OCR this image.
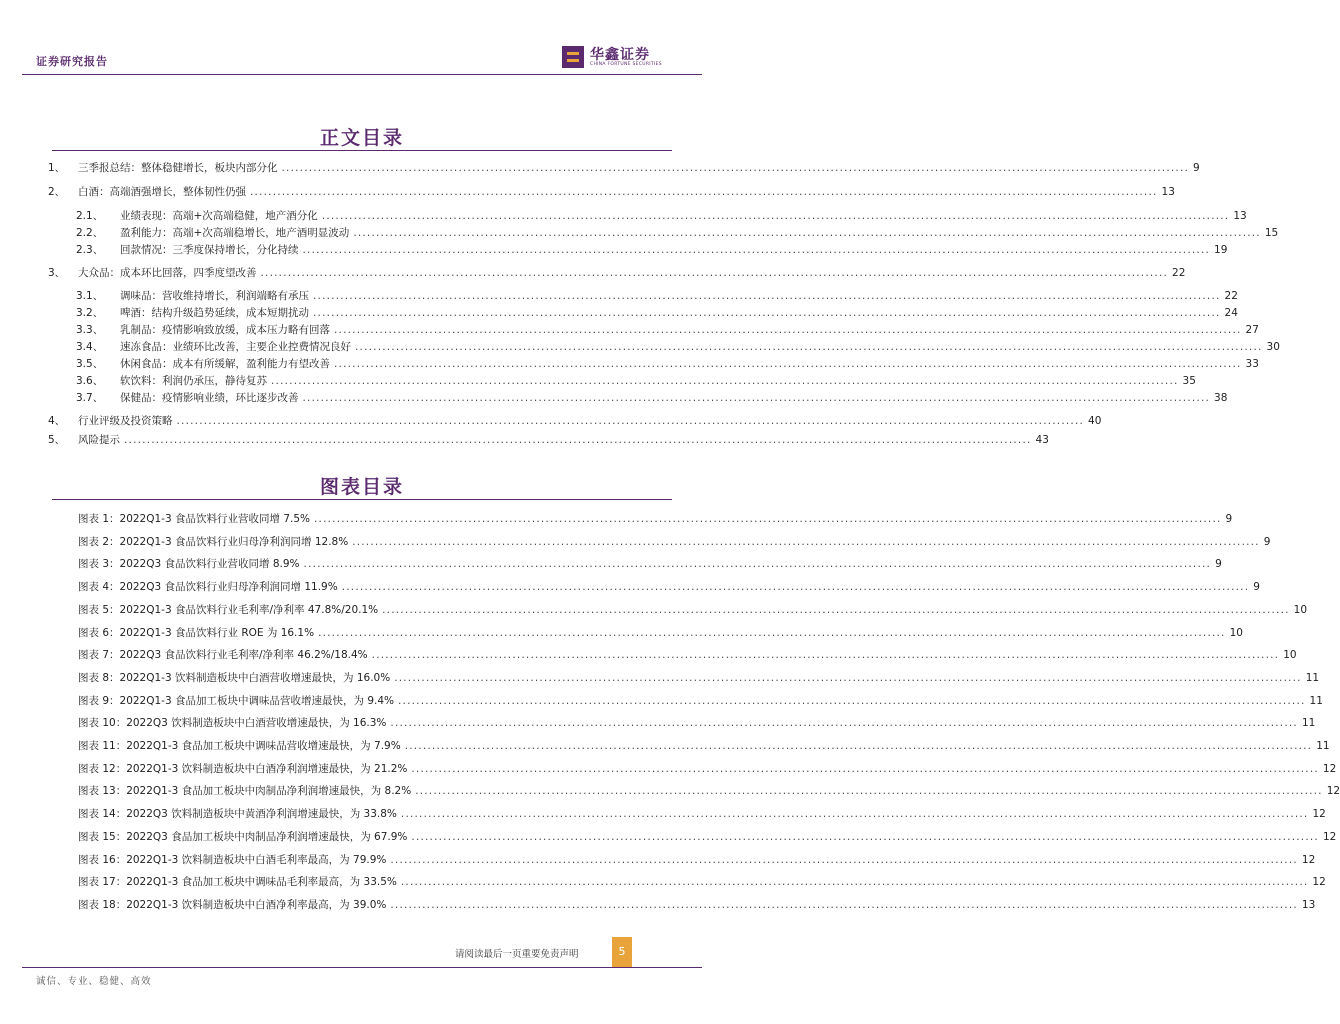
证券研究报告	华鑫证券
CHINA FORTUNE SECURITIES
正文目录
1、 三季报总结：整体稳健增长，板块内部分化 ........................................................................................................................................................................................................ 9
2、 白酒：高端酒强增长，整体韧性仍强 ........................................................................................................................................................................................................ 13
2.1、 业绩表现：高端+次高端稳健，地产酒分化 ........................................................................................................................................................................................................ 13
2.2、 盈利能力：高端+次高端稳增长，地产酒明显波动 ........................................................................................................................................................................................................ 15
2.3、 回款情况：三季度保持增长，分化持续 ........................................................................................................................................................................................................ 19
3、 大众品：成本环比回落，四季度望改善 ........................................................................................................................................................................................................ 22
3.1、 调味品：营收维持增长，利润端略有承压 ........................................................................................................................................................................................................ 22
3.2、 啤酒：结构升级趋势延续，成本短期扰动 ........................................................................................................................................................................................................ 24
3.3、 乳制品：疫情影响致放缓，成本压力略有回落 ........................................................................................................................................................................................................ 27
3.4、 速冻食品：业绩环比改善，主要企业控费情况良好 ........................................................................................................................................................................................................ 30
3.5、 休闲食品：成本有所缓解，盈利能力有望改善 ........................................................................................................................................................................................................ 33
3.6、 软饮料：利润仍承压，静待复苏 ........................................................................................................................................................................................................ 35
3.7、 保健品：疫情影响业绩，环比逐步改善 ........................................................................................................................................................................................................ 38
4、 行业评级及投资策略 ........................................................................................................................................................................................................ 40
5、 风险提示 ........................................................................................................................................................................................................ 43
图表目录
图表 1：2022Q1-3 食品饮料行业营收同增 7.5% ........................................................................................................................................................................................................ 9
图表 2：2022Q1-3 食品饮料行业归母净利润同增 12.8% ........................................................................................................................................................................................................ 9
图表 3：2022Q3 食品饮料行业营收同增 8.9% ........................................................................................................................................................................................................ 9
图表 4：2022Q3 食品饮料行业归母净利润同增 11.9% ........................................................................................................................................................................................................ 9
图表 5：2022Q1-3 食品饮料行业毛利率/净利率 47.8%/20.1% ........................................................................................................................................................................................................ 10
图表 6：2022Q1-3 食品饮料行业 ROE 为 16.1% ........................................................................................................................................................................................................ 10
图表 7：2022Q3 食品饮料行业毛利率/净利率 46.2%/18.4% ........................................................................................................................................................................................................ 10
图表 8：2022Q1-3 饮料制造板块中白酒营收增速最快，为 16.0% ........................................................................................................................................................................................................ 11
图表 9：2022Q1-3 食品加工板块中调味品营收增速最快，为 9.4% ........................................................................................................................................................................................................ 11
图表 10：2022Q3 饮料制造板块中白酒营收增速最快，为 16.3% ........................................................................................................................................................................................................ 11
图表 11：2022Q1-3 食品加工板块中调味品营收增速最快，为 7.9% ........................................................................................................................................................................................................ 11
图表 12：2022Q1-3 饮料制造板块中白酒净利润增速最快，为 21.2% ........................................................................................................................................................................................................ 12
图表 13：2022Q1-3 食品加工板块中肉制品净利润增速最快，为 8.2% ........................................................................................................................................................................................................ 12
图表 14：2022Q3 饮料制造板块中黄酒净利润增速最快，为 33.8% ........................................................................................................................................................................................................ 12
图表 15：2022Q3 食品加工板块中肉制品净利润增速最快，为 67.9% ........................................................................................................................................................................................................ 12
图表 16：2022Q1-3 饮料制造板块中白酒毛利率最高，为 79.9% ........................................................................................................................................................................................................ 12
图表 17：2022Q1-3 食品加工板块中调味品毛利率最高，为 33.5% ........................................................................................................................................................................................................ 12
图表 18：2022Q1-3 饮料制造板块中白酒净利率最高，为 39.0% ........................................................................................................................................................................................................ 13
请阅读最后一页重要免责声明	5
诚信、专业、稳健、高效
